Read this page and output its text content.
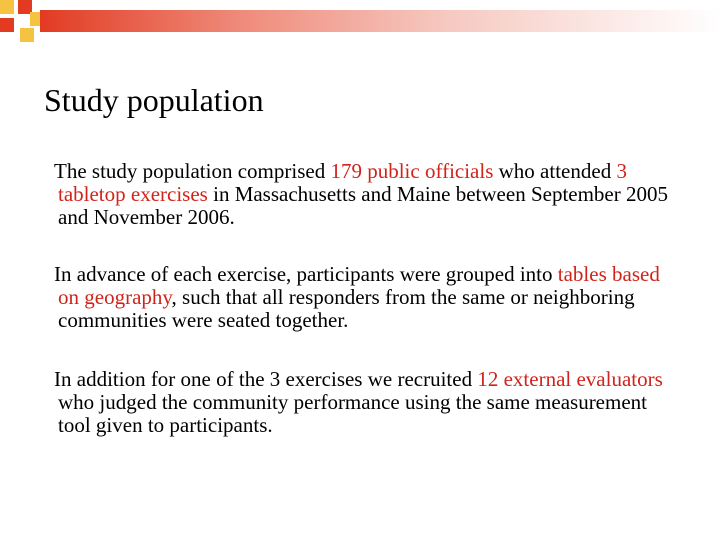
Study population

The study population comprised 179 public officials who attended 3 tabletop exercises in Massachusetts and Maine between September 2005 and November 2006.

In advance of each exercise, participants were grouped into tables based on geography, such that all responders from the same or neighboring communities were seated together.

In addition for one of the 3 exercises we recruited 12 external evaluators who judged the community performance using the same measurement tool given to participants.
